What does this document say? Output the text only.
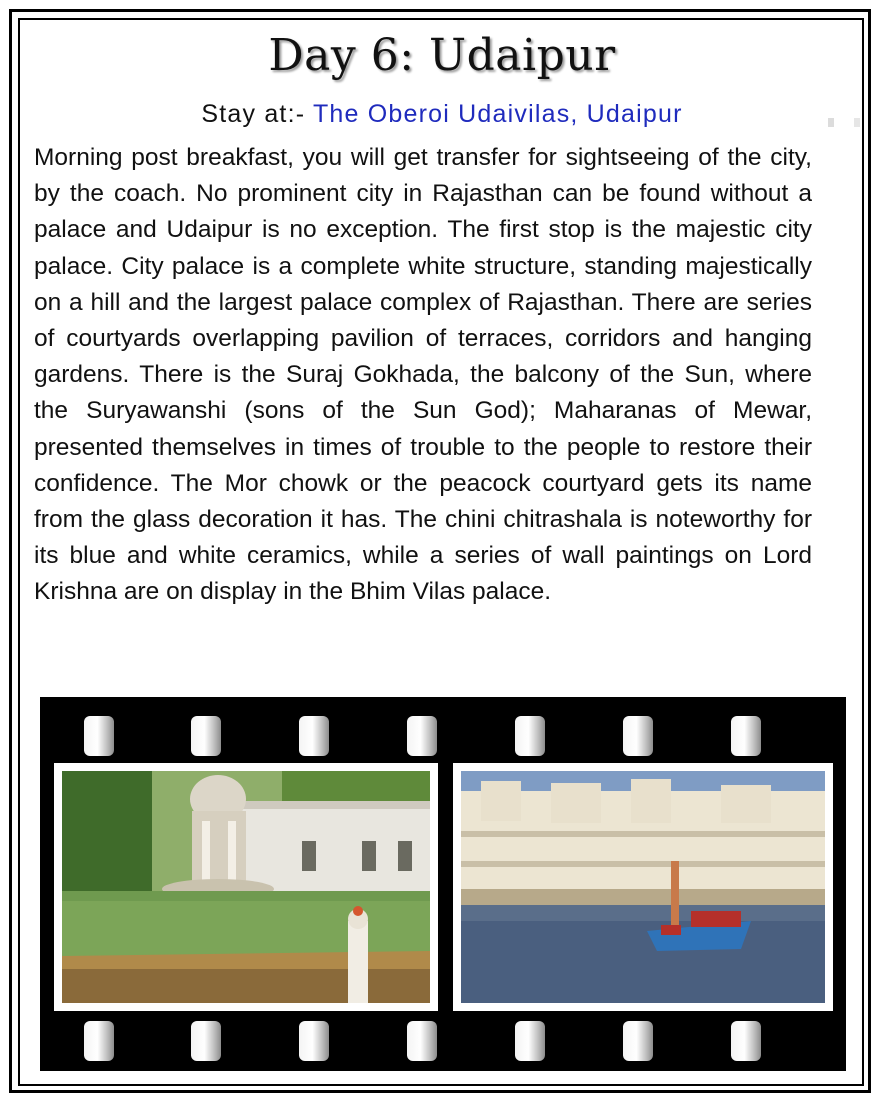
Day 6: Udaipur
Stay at:- The Oberoi Udaivilas, Udaipur

Morning post breakfast, you will get transfer for sightseeing of the city, by the coach. No prominent city in Rajasthan can be found without a palace and Udaipur is no exception. The first stop is the majestic city palace. City palace is a complete white structure, standing majestically on a hill and the largest palace complex of Rajasthan. There are series of courtyards overlapping pavilion of terraces, corridors and hanging gardens. There is the Suraj Gokhada, the balcony of the Sun, where the Suryawanshi (sons of the Sun God); Maharanas of Mewar, presented themselves in times of trouble to the people to restore their confidence. The Mor chowk or the peacock courtyard gets its name from the glass decoration it has. The chini chitrashala is noteworthy for its blue and white ceramics, while a series of wall paintings on Lord Krishna are on display in the Bhim Vilas palace.
